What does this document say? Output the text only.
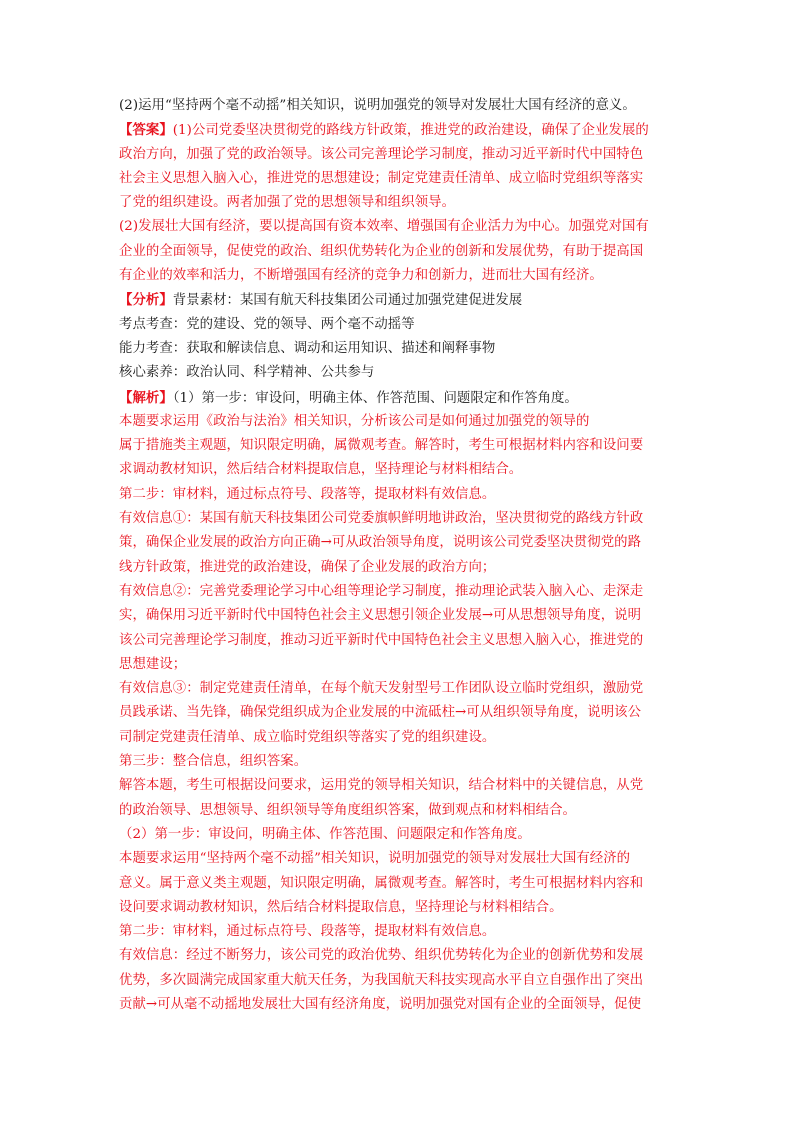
(2)运用“坚持两个毫不动摇”相关知识，说明加强党的领导对发展壮大国有经济的意义。
【答案】(1)公司党委坚决贯彻党的路线方针政策，推进党的政治建设，确保了企业发展的
政治方向，加强了党的政治领导。该公司完善理论学习制度，推动习近平新时代中国特色
社会主义思想入脑入心，推进党的思想建设；制定党建责任清单、成立临时党组织等落实
了党的组织建设。两者加强了党的思想领导和组织领导。
(2)发展壮大国有经济，要以提高国有资本效率、增强国有企业活力为中心。加强党对国有
企业的全面领导，促使党的政治、组织优势转化为企业的创新和发展优势，有助于提高国
有企业的效率和活力，不断增强国有经济的竞争力和创新力，进而壮大国有经济。
【分析】背景素材：某国有航天科技集团公司通过加强党建促进发展
考点考查：党的建设、党的领导、两个毫不动摇等
能力考查：获取和解读信息、调动和运用知识、描述和阐释事物
核心素养：政治认同、科学精神、公共参与
【解析】（1）第一步：审设问，明确主体、作答范围、问题限定和作答角度。
本题要求运用《政治与法治》相关知识，分析该公司是如何通过加强党的领导的
属于措施类主观题，知识限定明确，属微观考查。解答时，考生可根据材料内容和设问要
求调动教材知识，然后结合材料提取信息，坚持理论与材料相结合。
第二步：审材料，通过标点符号、段落等，提取材料有效信息。
有效信息①：某国有航天科技集团公司党委旗帜鲜明地讲政治，坚决贯彻党的路线方针政
策，确保企业发展的政治方向正确→可从政治领导角度，说明该公司党委坚决贯彻党的路
线方针政策，推进党的政治建设，确保了企业发展的政治方向；
有效信息②：完善党委理论学习中心组等理论学习制度，推动理论武装入脑入心、走深走
实，确保用习近平新时代中国特色社会主义思想引领企业发展→可从思想领导角度，说明
该公司完善理论学习制度，推动习近平新时代中国特色社会主义思想入脑入心，推进党的
思想建设；
有效信息③：制定党建责任清单，在每个航天发射型号工作团队设立临时党组织，激励党
员践承诺、当先锋，确保党组织成为企业发展的中流砥柱→可从组织领导角度，说明该公
司制定党建责任清单、成立临时党组织等落实了党的组织建设。
第三步：整合信息，组织答案。
解答本题，考生可根据设问要求，运用党的领导相关知识，结合材料中的关键信息，从党
的政治领导、思想领导、组织领导等角度组织答案，做到观点和材料相结合。
（2）第一步：审设问，明确主体、作答范围、问题限定和作答角度。
本题要求运用“坚持两个毫不动摇”相关知识，说明加强党的领导对发展壮大国有经济的
意义。属于意义类主观题，知识限定明确，属微观考查。解答时，考生可根据材料内容和
设问要求调动教材知识，然后结合材料提取信息，坚持理论与材料相结合。
第二步：审材料，通过标点符号、段落等，提取材料有效信息。
有效信息：经过不断努力，该公司党的政治优势、组织优势转化为企业的创新优势和发展
优势，多次圆满完成国家重大航天任务，为我国航天科技实现高水平自立自强作出了突出
贡献→可从毫不动摇地发展壮大国有经济角度，说明加强党对国有企业的全面领导，促使
